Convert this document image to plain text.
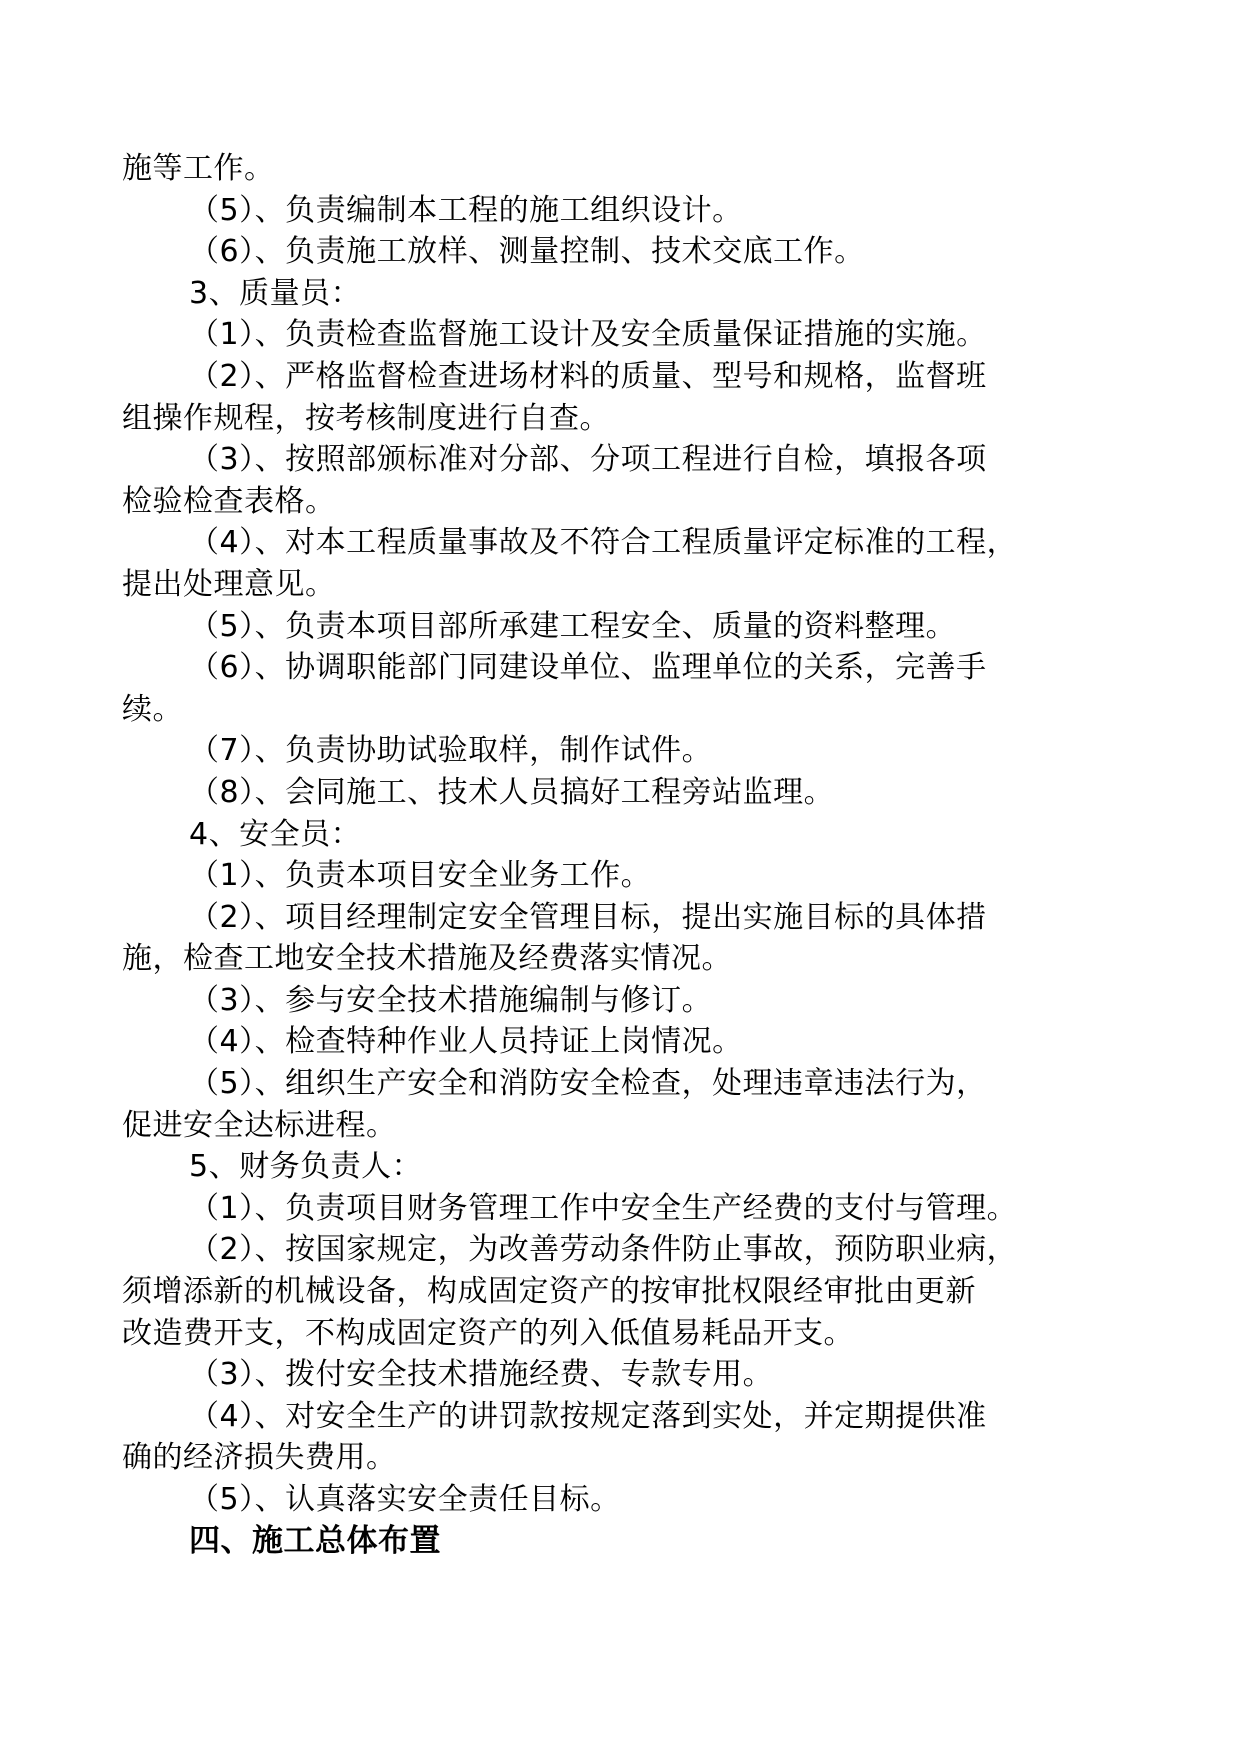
施等工作。
（5）、负责编制本工程的施工组织设计。
（6）、负责施工放样、测量控制、技术交底工作。
3、质量员：
（1）、负责检查监督施工设计及安全质量保证措施的实施。
（2）、严格监督检查进场材料的质量、型号和规格，监督班
组操作规程，按考核制度进行自查。
（3）、按照部颁标准对分部、分项工程进行自检，填报各项
检验检查表格。
（4）、对本工程质量事故及不符合工程质量评定标准的工程，
提出处理意见。
（5）、负责本项目部所承建工程安全、质量的资料整理。
（6）、协调职能部门同建设单位、监理单位的关系，完善手
续。
（7）、负责协助试验取样，制作试件。
（8）、会同施工、技术人员搞好工程旁站监理。
4、安全员：
（1）、负责本项目安全业务工作。
（2）、项目经理制定安全管理目标，提出实施目标的具体措
施，检查工地安全技术措施及经费落实情况。
（3）、参与安全技术措施编制与修订。
（4）、检查特种作业人员持证上岗情况。
（5）、组织生产安全和消防安全检查，处理违章违法行为，
促进安全达标进程。
5、财务负责人：
（1）、负责项目财务管理工作中安全生产经费的支付与管理。
（2）、按国家规定，为改善劳动条件防止事故，预防职业病，
须增添新的机械设备，构成固定资产的按审批权限经审批由更新
改造费开支，不构成固定资产的列入低值易耗品开支。
（3）、拨付安全技术措施经费、专款专用。
（4）、对安全生产的讲罚款按规定落到实处，并定期提供准
确的经济损失费用。
（5）、认真落实安全责任目标。
四、施工总体布置
